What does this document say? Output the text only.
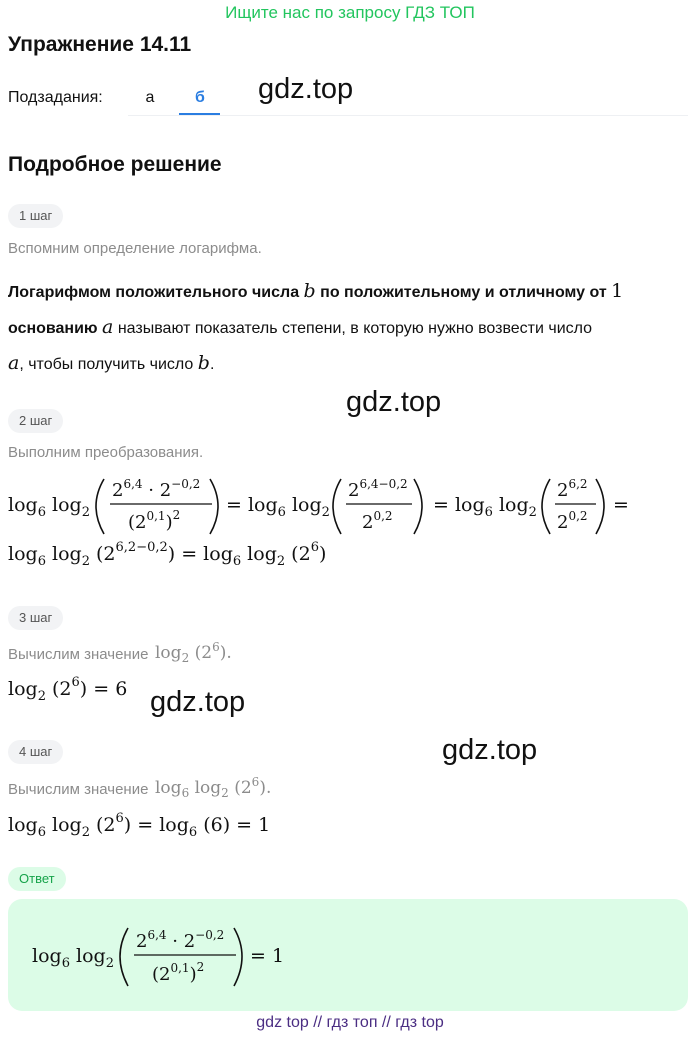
Ищите нас по запросу ГДЗ ТОП
Упражнение 14.11
Подзадания:	а	б	gdz.top
gdz.top
gdz.top
gdz.top
Подробное решение
1 шаг
Вспомним определение логарифма.
Логарифмом положительного числа b по положительному и отличному от 1
основанию a называют показатель степени, в которую нужно возвести число
a, чтобы получить число b.
2 шаг
Выполним преобразования.
$\log_6 \log_2$
$2^{6,4} \cdot 2^{-0,2}$
$(2^{0,1})^2 = \log_6 \log_2$
$2^{6,4-0,2}$
$2^{0,2} = \log_6 \log_2$
2$^{6,2}$
$2^{0,2}$ =
$\log_6 \log_2 (2^{6,2-0,2}) = \log_6 \log_2 (2^6)$
3 шаг
Вычислим значение $\log_2 (2^6)$.
$\log_2 (2^6) = 6$
4 шаг
Вычислим значение $\log_6 \log_2 (2^6)$.
$\log_6 \log_2 (2^6) = \log_6 (6) = 1$
Ответ
$\log_6 \log_2$
$2^{6,4} \cdot 2^{-0,2}$
$(2^{0,1})^2 = 1$
gdz top // гдз топ // гдз top
